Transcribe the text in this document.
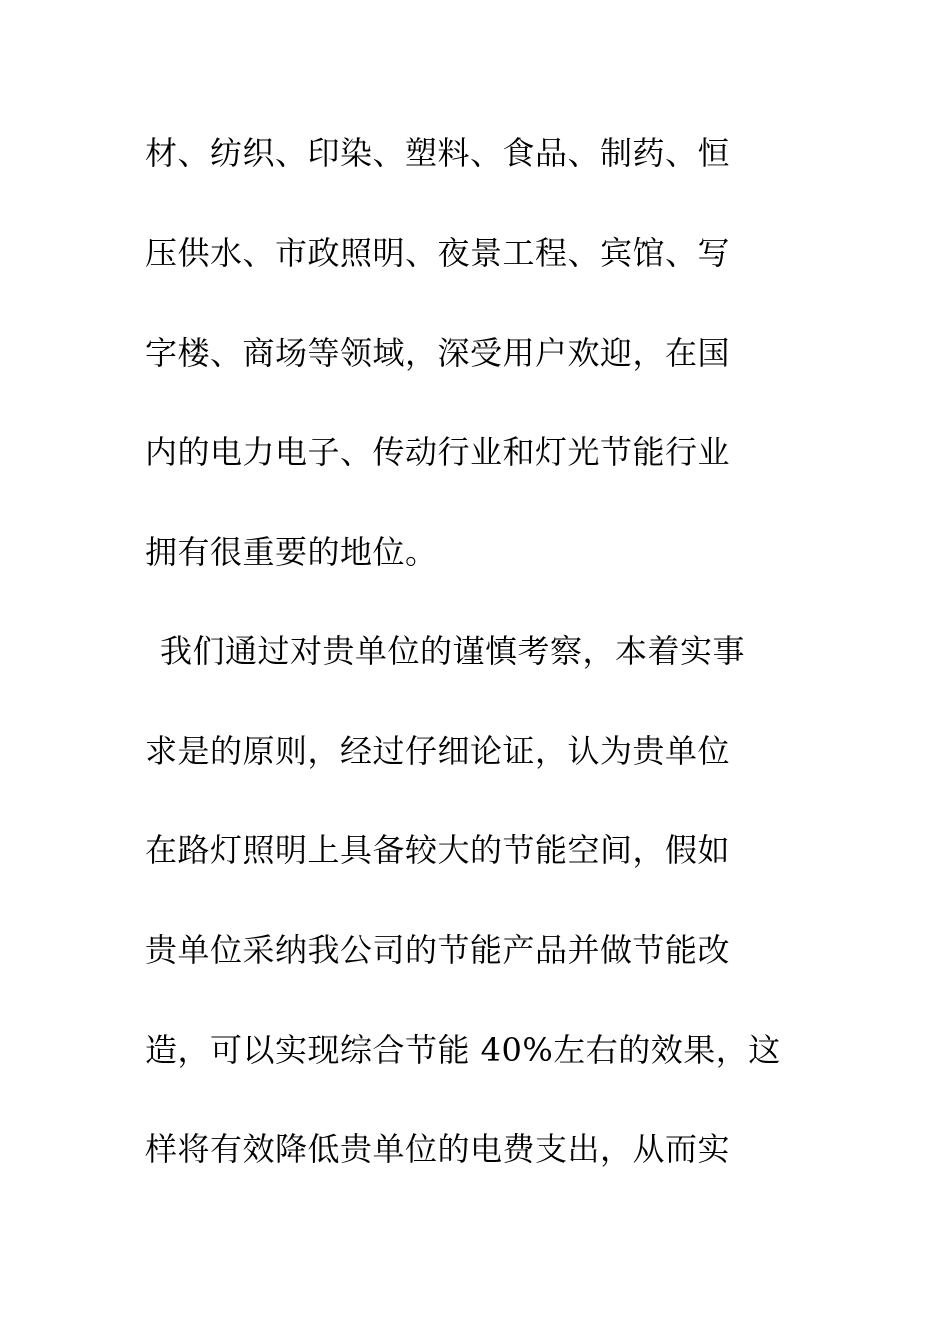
材、纺织、印染、塑料、食品、制药、恒
压供水、市政照明、夜景工程、宾馆、写
字楼、商场等领域，深受用户欢迎，在国
内的电力电子、传动行业和灯光节能行业
拥有很重要的地位。
我们通过对贵单位的谨慎考察，本着实事
求是的原则，经过仔细论证，认为贵单位
在路灯照明上具备较大的节能空间，假如
贵单位采纳我公司的节能产品并做节能改
造，可以实现综合节能 40%左右的效果，这
样将有效降低贵单位的电费支出，从而实
